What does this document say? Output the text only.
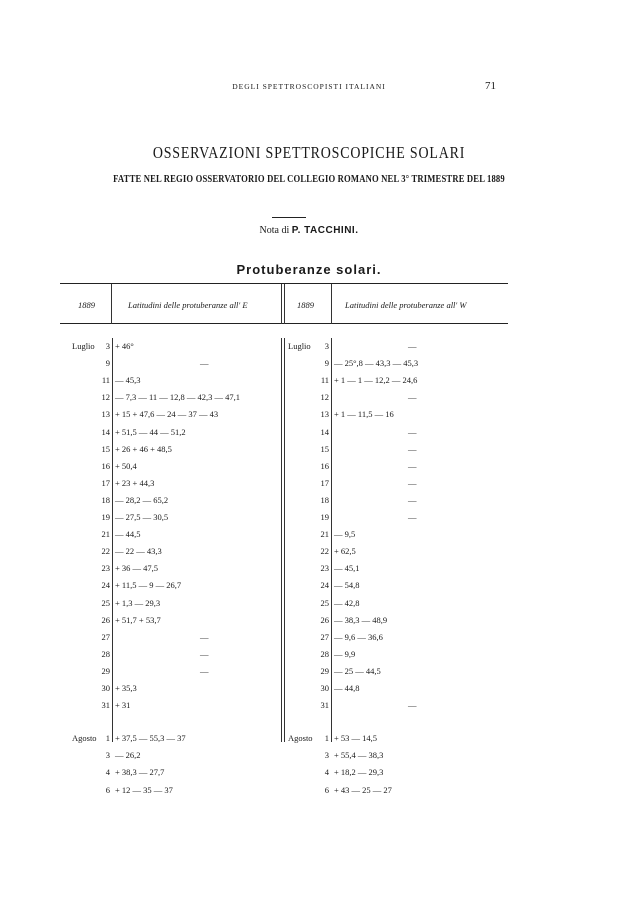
DEGLI SPETTROSCOPISTI ITALIANI	71
OSSERVAZIONI SPETTROSCOPICHE SOLARI
FATTE NEL REGIO OSSERVATORIO DEL COLLEGIO ROMANO NEL 3° TRIMESTRE DEL 1889
Nota di P. TACCHINI.
Protuberanze solari.
1889	Latitudini delle protuberanze all' E	1889	Latitudini delle protuberanze all' W
Luglio 3 + 46°	Luglio 3	—
9	—	9 — 25°,8 — 43,3 — 45,3
11 — 45,3	11 + 1 — 1 — 12,2 — 24,6
12 — 7,3 — 11 — 12,8 — 42,3 — 47,1	12	—
13 + 15 + 47,6 — 24 — 37 — 43	13 + 1 — 11,5 — 16
14 + 51,5 — 44 — 51,2	14	—
15 + 26 + 46 + 48,5	15	—
16 + 50,4	16	—
17 + 23 + 44,3	17	—
18 — 28,2 — 65,2	18	—
19 — 27,5 — 30,5	19	—
21 — 44,5	21 — 9,5
22 — 22 — 43,3	22 + 62,5
23 + 36 — 47,5	23 — 45,1
24 + 11,5 — 9 — 26,7	24 — 54,8
25 + 1,3 — 29,3	25 — 42,8
26 + 51,7 + 53,7	26 — 38,3 — 48,9
27	—	27 — 9,6 — 36,6
28	—	28 — 9,9
29	—	29 — 25 — 44,5
30 + 35,3	30 — 44,8
31 + 31	31	—
Agosto 1 + 37,5 — 55,3 — 37	Agosto 1 + 53 — 14,5
3 — 26,2	3 + 55,4 — 38,3
4 + 38,3 — 27,7	4 + 18,2 — 29,3
6 + 12 — 35 — 37	6 + 43 — 25 — 27
